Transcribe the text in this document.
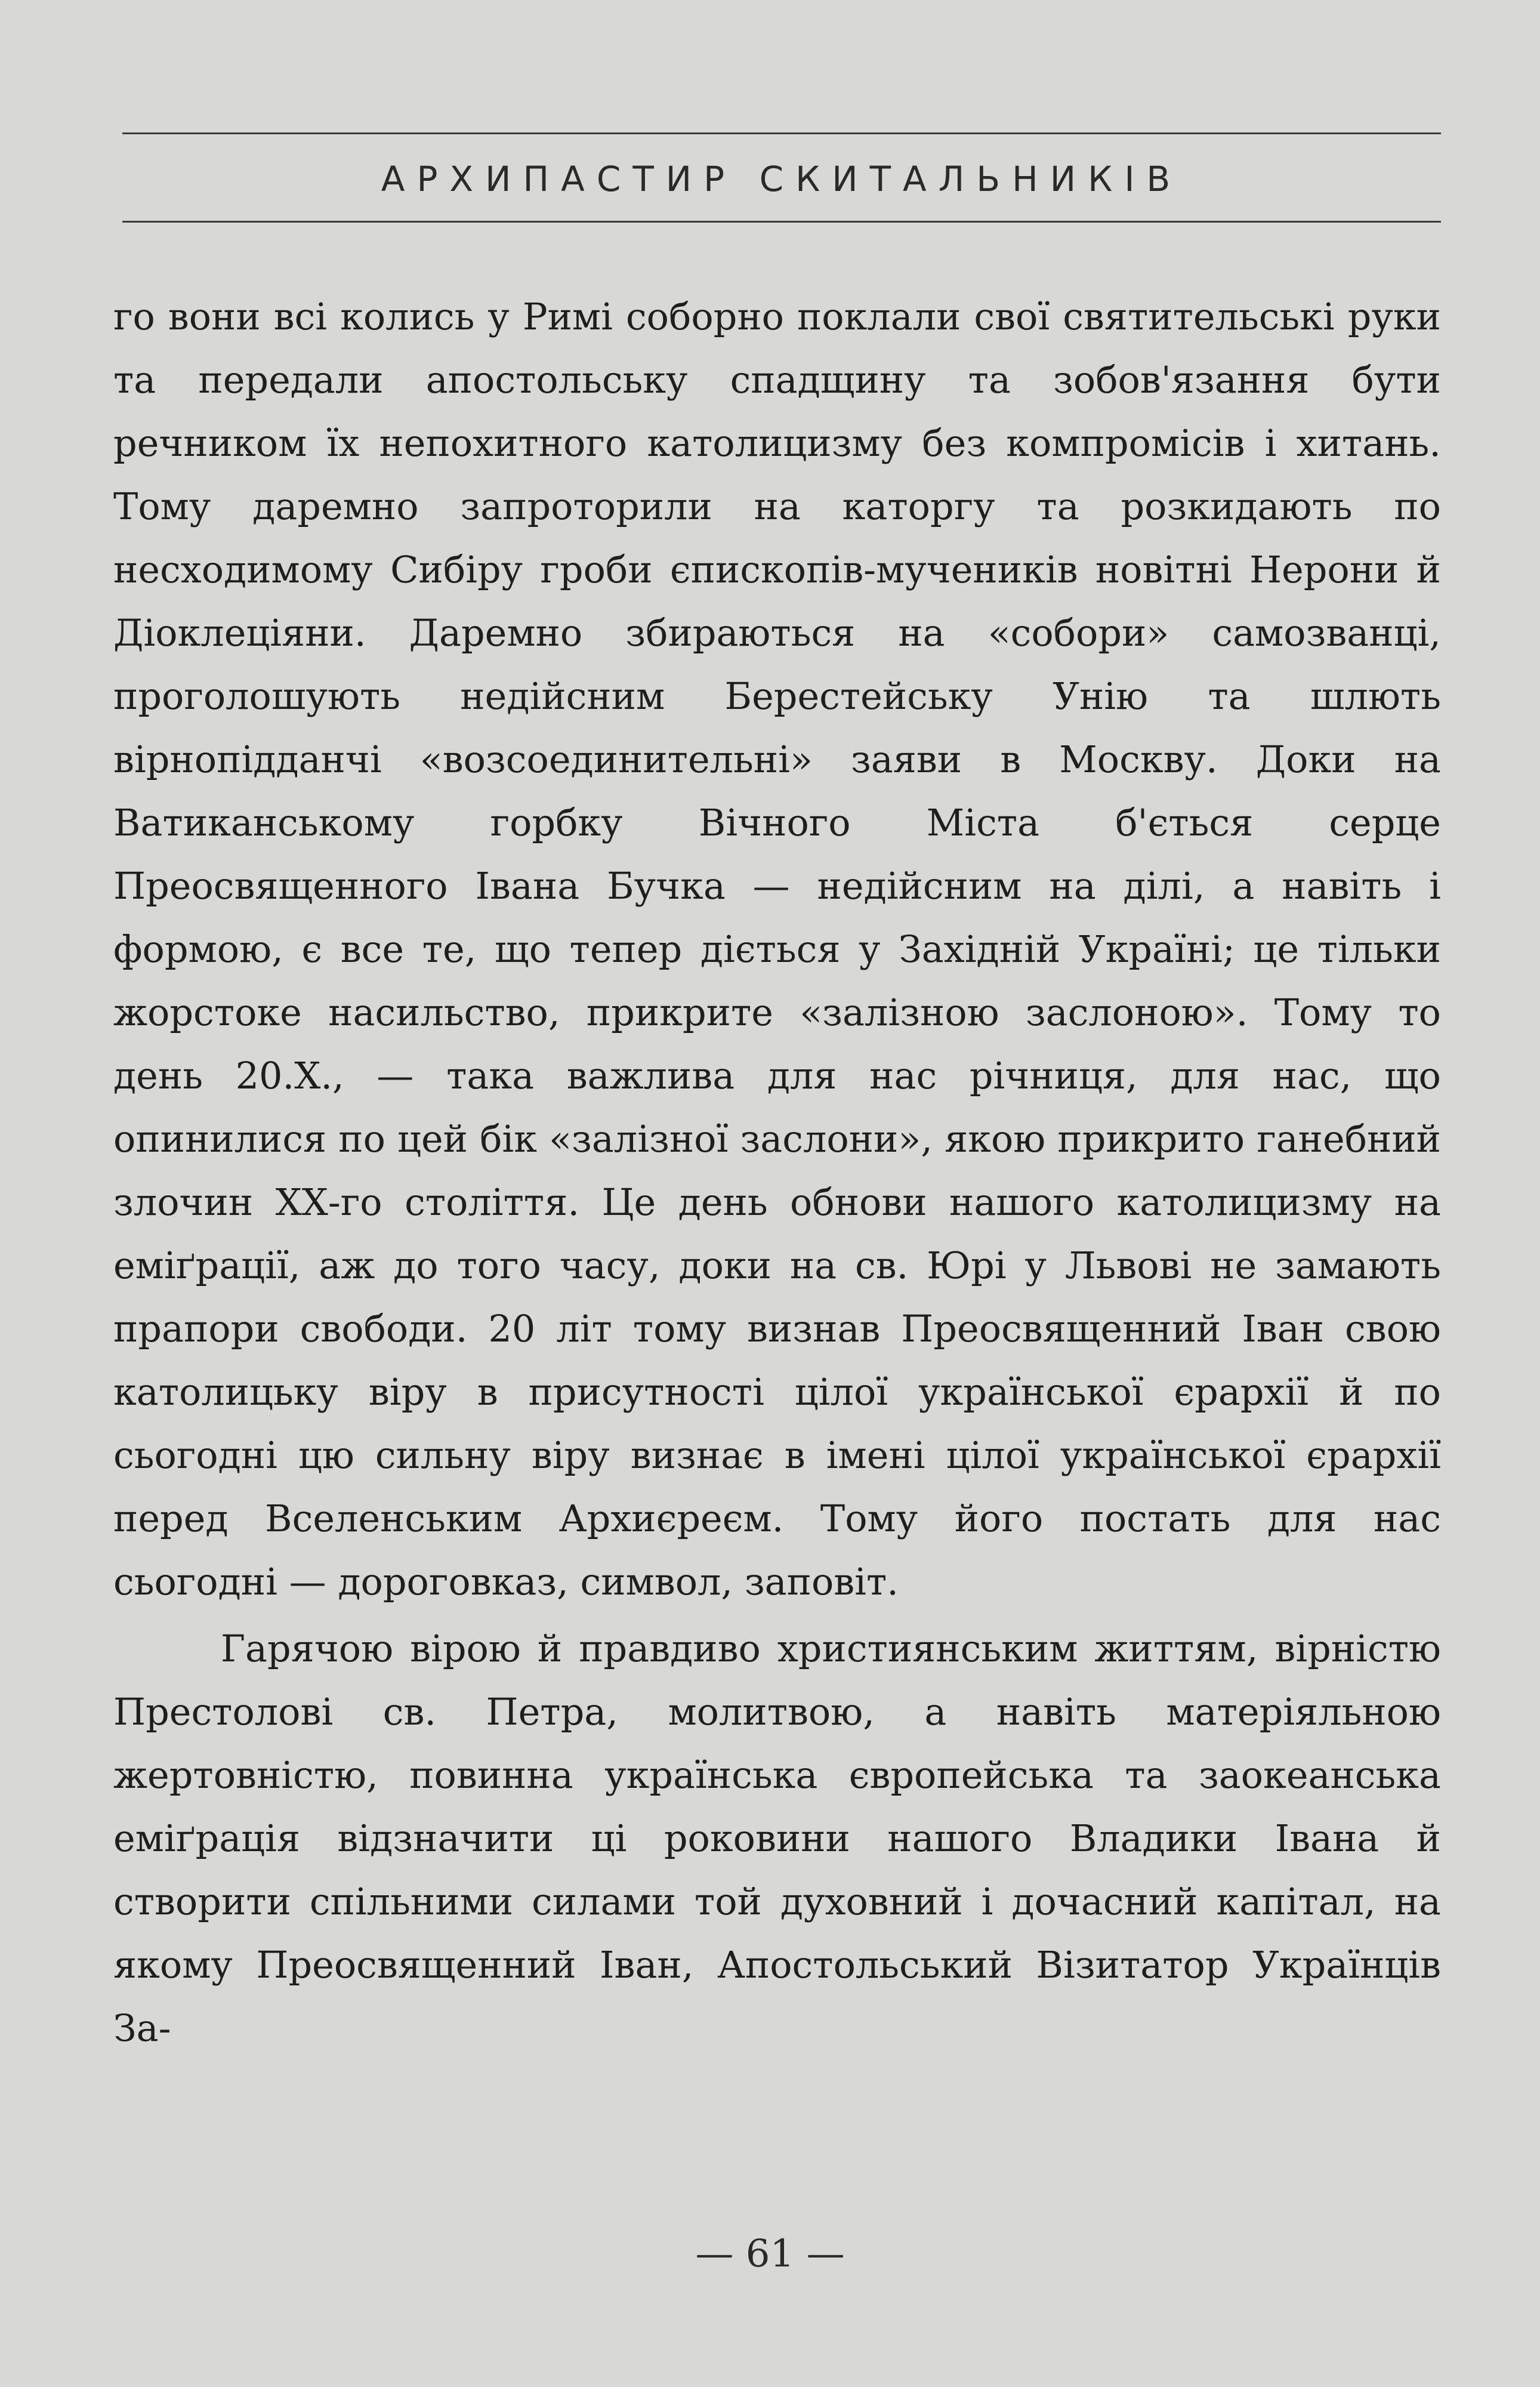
АРХИПАСТИР СКИТАЛЬНИКІВ

го вони всі колись у Римі соборно поклали свої святительські руки та передали апостольську спадщину та зобов'язання бути речником їх непохитного католицизму без компромісів і хитань. Тому даремно запроторили на каторгу та розкидають по несходимому Сибіру гроби єпископів-мучеників новітні Нерони й Діоклеціяни. Даремно збираються на «собори» самозванці, проголошують недійсним Берестейську Унію та шлють вірнопідданчі «возсоединительні» заяви в Москву. Доки на Ватиканському горбку Вічного Міста б'ється серце Преосвященного Івана Бучка — недійсним на ділі, а навіть і формою, є все те, що тепер діється у Західній Україні; це тільки жорстоке насильство, прикрите «залізною заслоною». Тому то день 20.Х., — така важлива для нас річниця, для нас, що опинилися по цей бік «залізної заслони», якою прикрито ганебний злочин ХХ-го століття. Це день обнови нашого католицизму на еміґрації, аж до того часу, доки на св. Юрі у Львові не замають прапори свободи. 20 літ тому визнав Преосвященний Іван свою католицьку віру в присутності цілої української єрархії й по сьогодні цю сильну віру визнає в імені цілої української єрархії перед Вселенським Архиєреєм. Тому його постать для нас сьогодні — дороговказ, символ, заповіт.

Гарячою вірою й правдиво християнським життям, вірністю Престолові св. Петра, молитвою, а навіть матеріяльною жертовністю, повинна українська європейська та заокеанська еміґрація відзначити ці роковини нашого Владики Івана й створити спільними силами той духовний і дочасний капітал, на якому Преосвященний Іван, Апостольський Візитатор Українців За-

— 61 —
